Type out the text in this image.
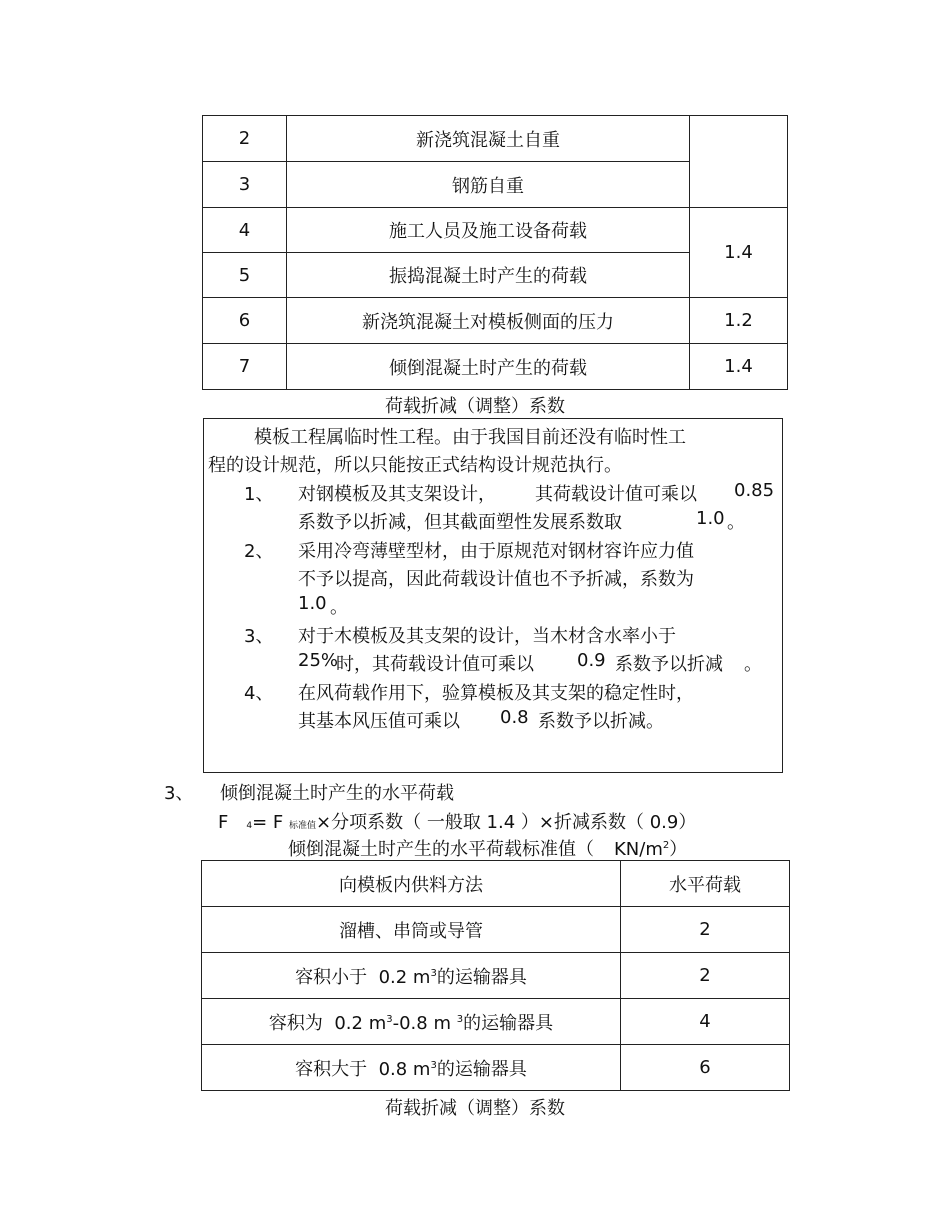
2	新浇筑混凝土自重	
3	钢筋自重	
4	施工人员及施工设备荷载	1.4
5	振捣混凝土时产生的荷载	
6	新浇筑混凝土对模板侧面的压力	1.2
7	倾倒混凝土时产生的荷载	1.4
荷载折减（调整）系数
模板工程属临时性工程。由于我国目前还没有临时性工
程的设计规范，所以只能按正式结构设计规范执行。
1、 对钢模板及其支架设计， 其荷载设计值可乘以 0.85
系数予以折减，但其截面塑性发展系数取	1.0 。
2、 采用冷弯薄壁型材，由于原规范对钢材容许应力值
不予以提高，因此荷载设计值也不予折减，系数为
1.0 。
3、 对于木模板及其支架的设计，当木材含水率小于
25%
时，其荷载设计值可乘以 0.9 系数予以折减 。
4、 在风荷载作用下，验算模板及其支架的稳定性时，
其基本风压值可乘以 0.8 系数予以折减。
3、 倾倒混凝土时产生的水平荷载
F 4= F 标准值×分项系数（ 一般取 1.4 ）×折减系数（ 0.9）
倾倒混凝土时产生的水平荷载标准值（ $KN/m^2$）
向模板内供料方法	水平荷载
溜槽、串筒或导管	2
容积小于  0.2 $m^3$的运输器具	2
容积为  0.2 $m^3-0.8$ m $^3$的运输器具	4
容积大于  0.8 $m^3$的运输器具	6
荷载折减（调整）系数
